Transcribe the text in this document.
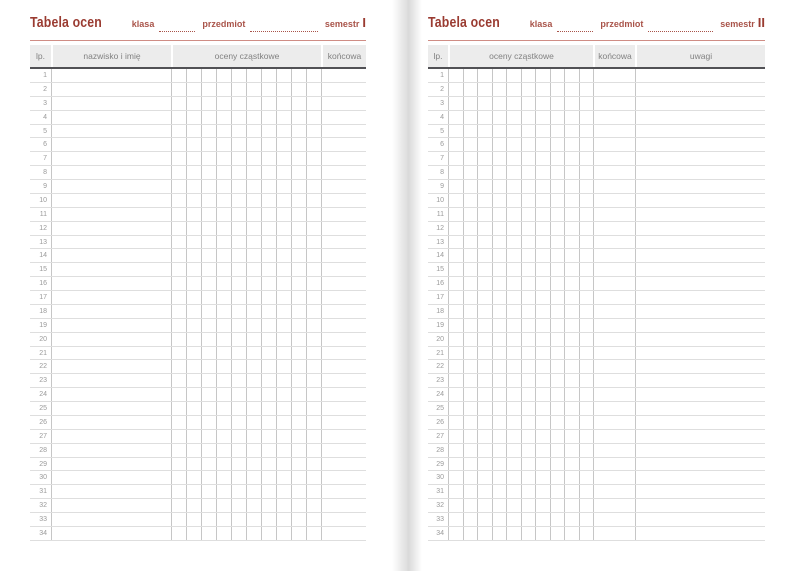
Tabela ocen	klasa	przedmiot	semestr I
lp.	nazwisko i imię	oceny cząstkowe	końcowa
1
2
3
4
5
6
7
8
9
10
11
12
13
14
15
16
17
18
19
20
21
22
23
24
25
26
27
28
29
30
31
32
33
34
Tabela ocen	klasa	przedmiot	semestr II
lp.	oceny cząstkowe	końcowa	uwagi
1
2
3
4
5
6
7
8
9
10
11
12
13
14
15
16
17
18
19
20
21
22
23
24
25
26
27
28
29
30
31
32
33
34
